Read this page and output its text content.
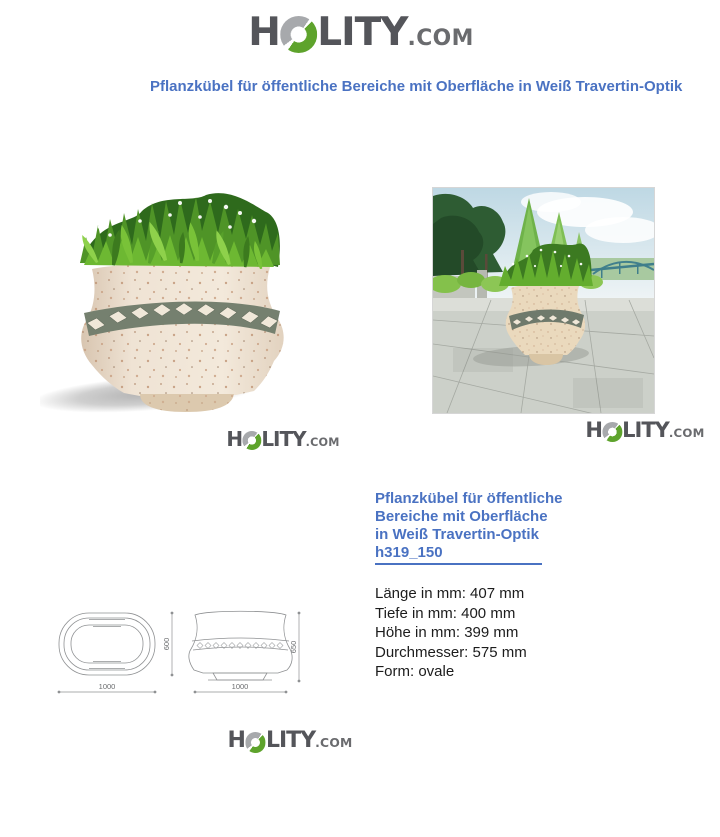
H LITY .COM
Pflanzkübel für öffentliche Bereiche mit Oberfläche in Weiß Travertin-Optik
H LITY .COM
H LITY .COM
Pflanzkübel für öffentliche
Bereiche mit Oberfläche
in Weiß Travertin-Optik
h319_150
Länge in mm: 407 mm
Tiefe in mm: 400 mm
Höhe in mm: 399 mm
Durchmesser: 575 mm
Form: ovale
1000	1000
600	650
H LITY .COM
